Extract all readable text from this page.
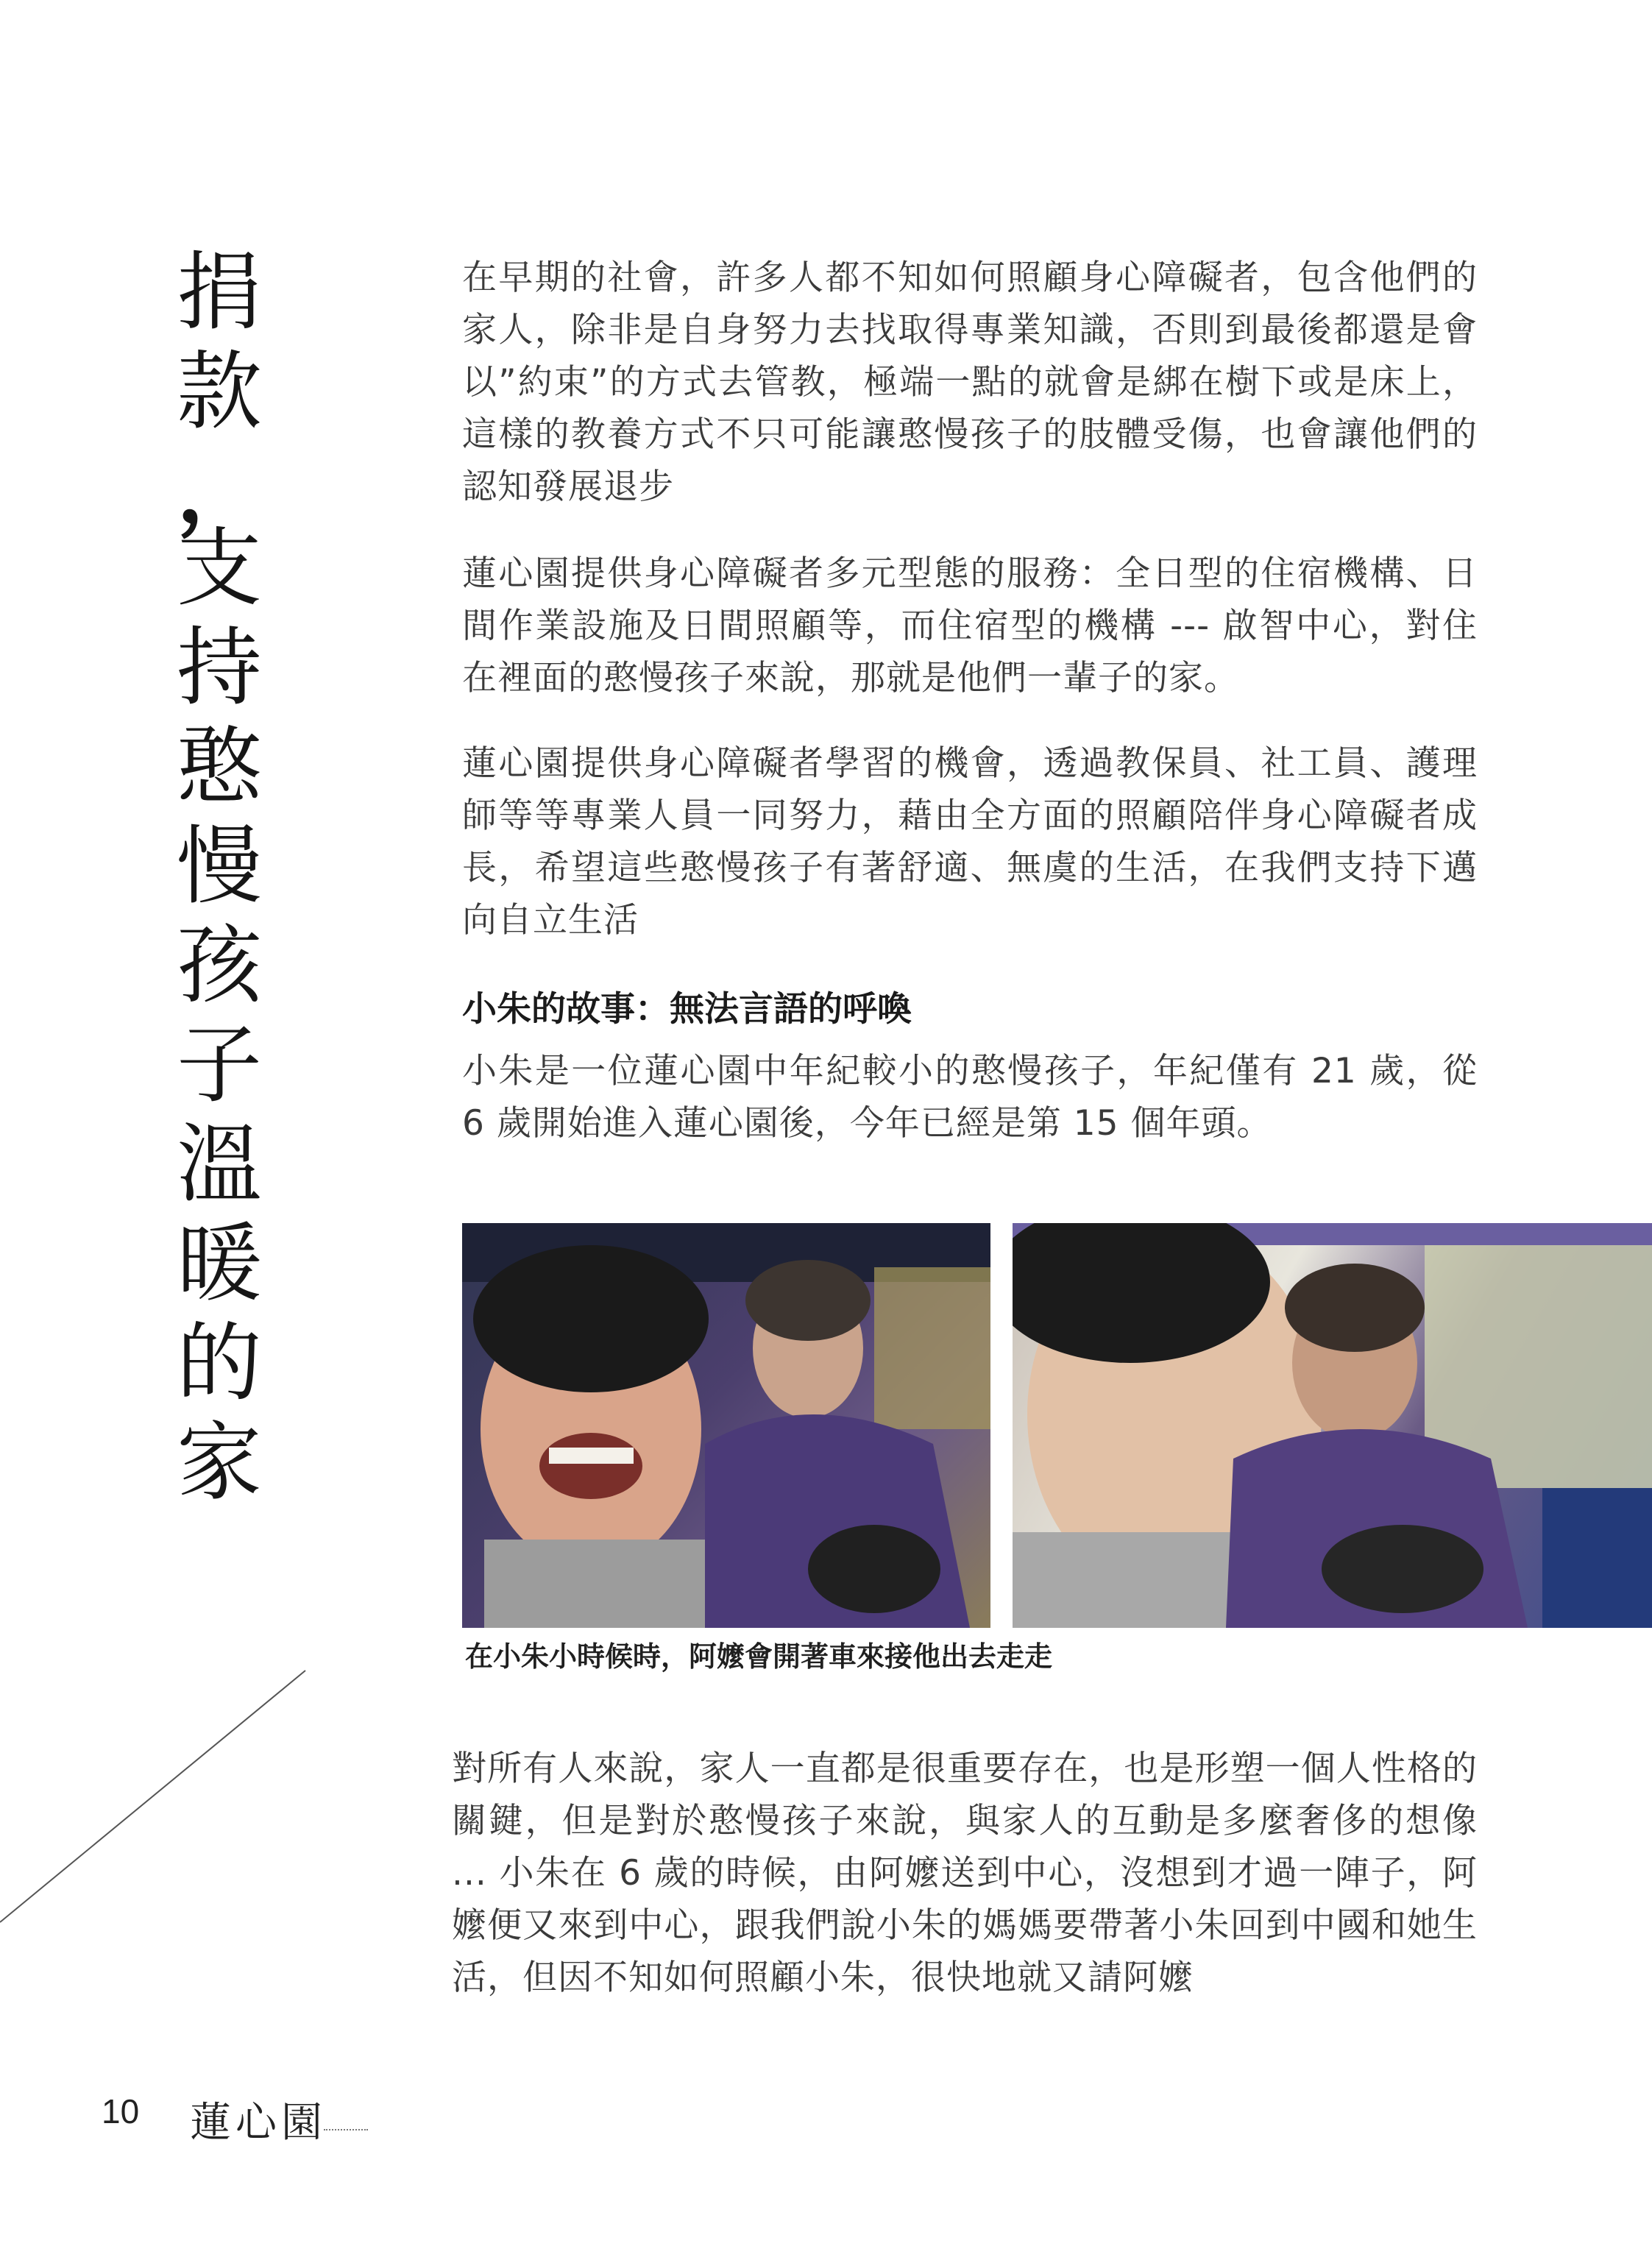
捐
款
，
支
持
憨
慢
孩
子
溫
暖
的
家

在早期的社會，許多人都不知如何照顧身心障礙者，包含他們的家人，除非是自身努力去找取得專業知識，否則到最後都還是會以”約束”的方式去管教，極端一點的就會是綁在樹下或是床上，這樣的教養方式不只可能讓憨慢孩子的肢體受傷，也會讓他們的認知發展退步

蓮心園提供身心障礙者多元型態的服務：全日型的住宿機構、日間作業設施及日間照顧等，而住宿型的機構 --- 啟智中心，對住在裡面的憨慢孩子來說，那就是他們一輩子的家。

蓮心園提供身心障礙者學習的機會，透過教保員、社工員、護理師等等專業人員一同努力，藉由全方面的照顧陪伴身心障礙者成長，希望這些憨慢孩子有著舒適、無虞的生活，在我們支持下邁向自立生活

小朱的故事：無法言語的呼喚

小朱是一位蓮心園中年紀較小的憨慢孩子，年紀僅有 21 歲，從 6 歲開始進入蓮心園後，今年已經是第 15 個年頭。

在小朱小時候時，阿嬤會開著車來接他出去走走

對所有人來說，家人一直都是很重要存在，也是形塑一個人性格的關鍵，但是對於憨慢孩子來說，與家人的互動是多麼奢侈的想像 ... 小朱在 6 歲的時候，由阿嬤送到中心，沒想到才過一陣子，阿嬤便又來到中心，跟我們說小朱的媽媽要帶著小朱回到中國和她生活，但因不知如何照顧小朱，很快地就又請阿嬤

10 蓮心園
